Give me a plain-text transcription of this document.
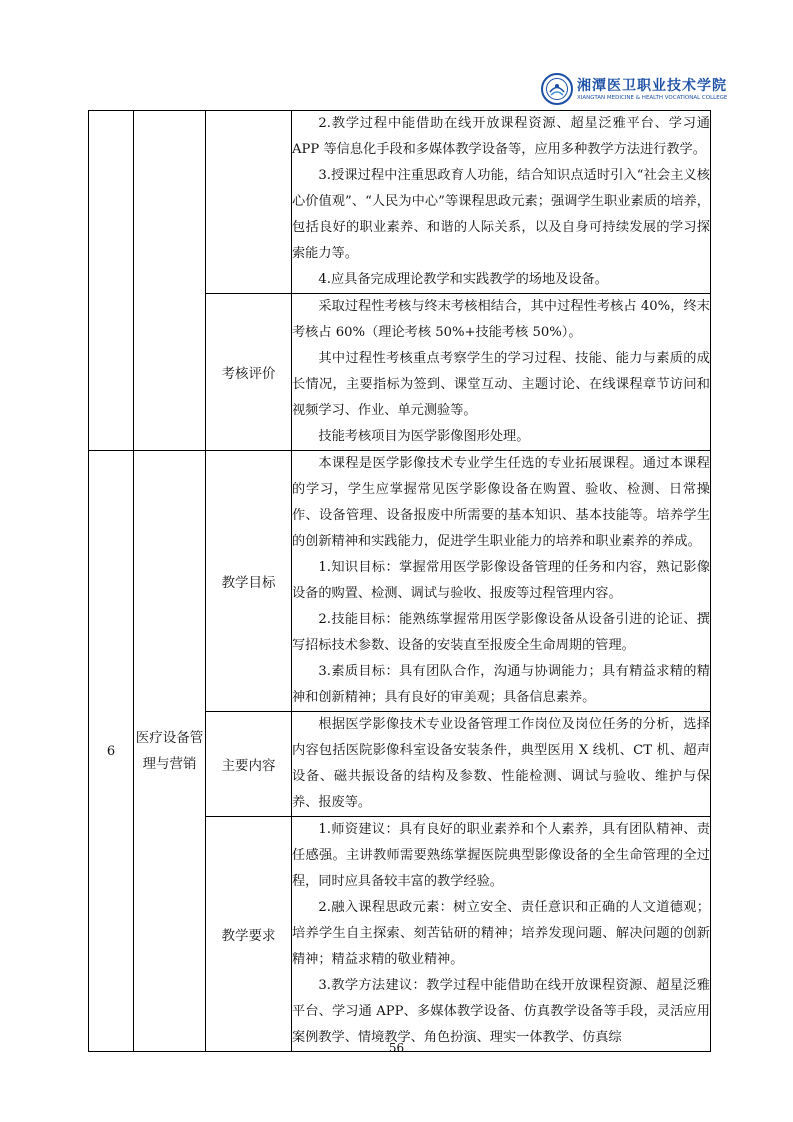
湘潭医卫职业技术学院
XIANGTAN MEDICINE & HEALTH VOCATIONAL COLLEGE

			2.教学过程中能借助在线开放课程资源、超星泛雅平台、学习通 APP 等信息化手段和多媒体教学设备等，应用多种教学方法进行教学。

3.授课过程中注重思政育人功能，结合知识点适时引入“社会主义核心价值观”、“人民为中心”等课程思政元素；强调学生职业素质的培养，包括良好的职业素养、和谐的人际关系，以及自身可持续发展的学习探索能力等。

4.应具备完成理论教学和实践教学的场地及设备。

		考核评价	采取过程性考核与终末考核相结合，其中过程性考核占 40%，终末考核占 60%（理论考核 50%+技能考核 50%）。

其中过程性考核重点考察学生的学习过程、技能、能力与素质的成长情况，主要指标为签到、课堂互动、主题讨论、在线课程章节访问和视频学习、作业、单元测验等。

技能考核项目为医学影像图形处理。

6	医疗设备管理与营销	教学目标	本课程是医学影像技术专业学生任选的专业拓展课程。通过本课程的学习，学生应掌握常见医学影像设备在购置、验收、检测、日常操作、设备管理、设备报废中所需要的基本知识、基本技能等。培养学生的创新精神和实践能力，促进学生职业能力的培养和职业素养的养成。

1.知识目标：掌握常用医学影像设备管理的任务和内容，熟记影像设备的购置、检测、调试与验收、报废等过程管理内容。

2.技能目标：能熟练掌握常用医学影像设备从设备引进的论证、撰写招标技术参数、设备的安装直至报废全生命周期的管理。

3.素质目标：具有团队合作，沟通与协调能力；具有精益求精的精神和创新精神；具有良好的审美观；具备信息素养。

		主要内容	根据医学影像技术专业设备管理工作岗位及岗位任务的分析，选择内容包括医院影像科室设备安装条件，典型医用 X 线机、CT 机、超声设备、磁共振设备的结构及参数、性能检测、调试与验收、维护与保养、报废等。

		教学要求	1.师资建议：具有良好的职业素养和个人素养，具有团队精神、责任感强。主讲教师需要熟练掌握医院典型影像设备的全生命管理的全过程，同时应具备较丰富的教学经验。

2.融入课程思政元素：树立安全、责任意识和正确的人文道德观；培养学生自主探索、刻苦钻研的精神；培养发现问题、解决问题的创新精神；精益求精的敬业精神。

3.教学方法建议：教学过程中能借助在线开放课程资源、超星泛雅平台、学习通 APP、多媒体教学设备、仿真教学设备等手段，灵活应用案例教学、情境教学、角色扮演、理实一体教学、仿真综

56
